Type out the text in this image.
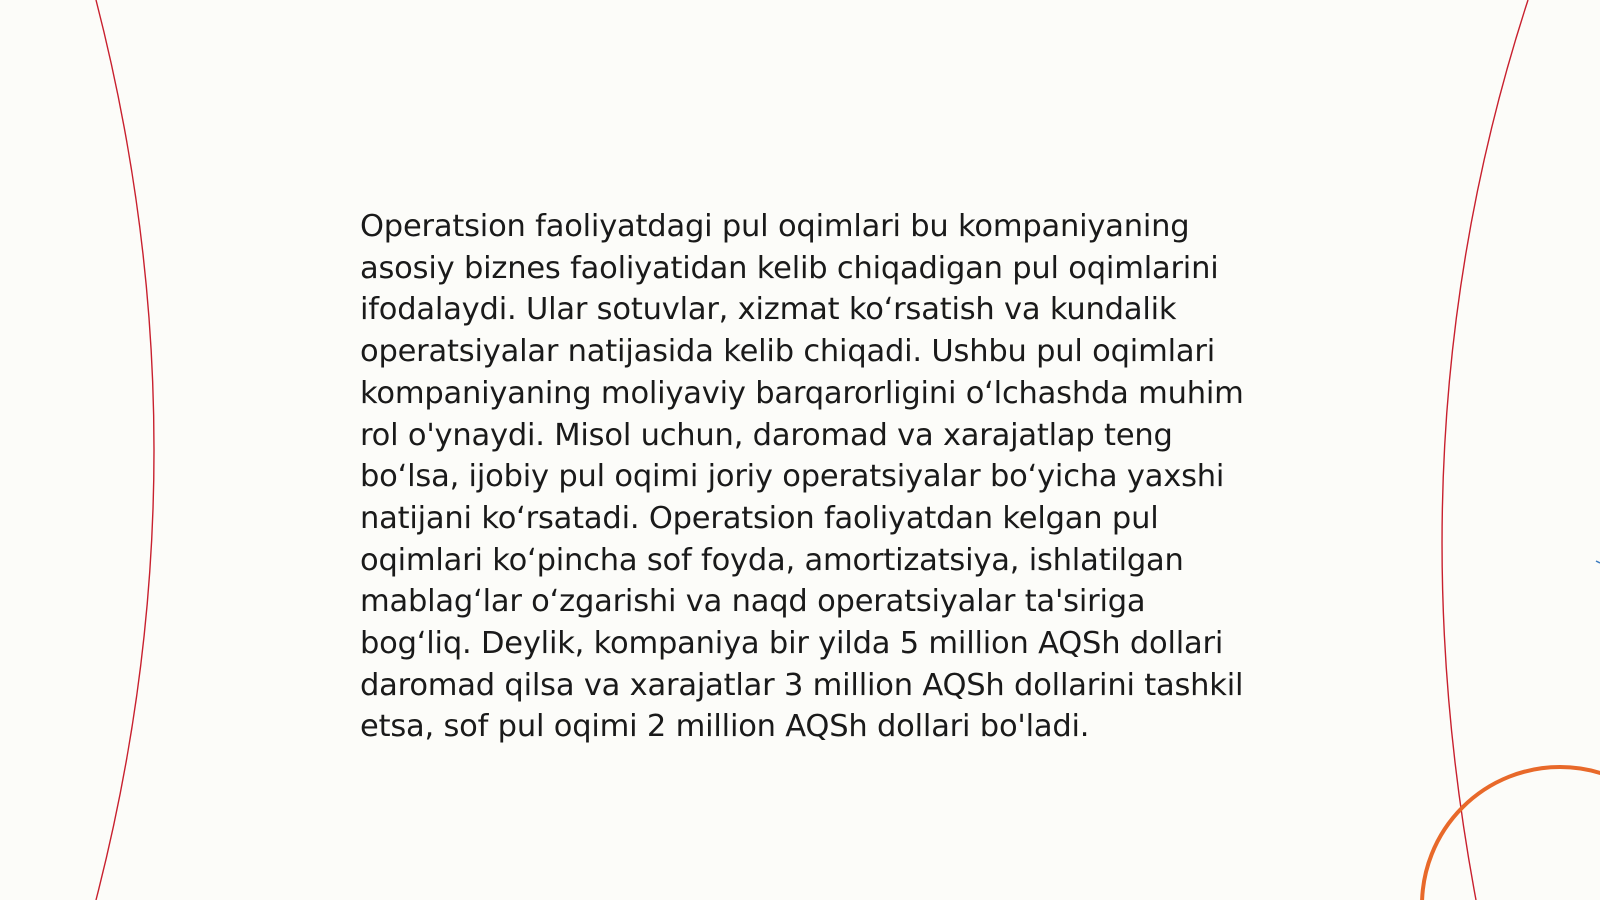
Operatsion faoliyatdagi pul oqimlari bu kompaniyaning asosiy biznes faoliyatidan kelib chiqadigan pul oqimlarini ifodalaydi. Ular sotuvlar, xizmat ko‘rsatish va kundalik operatsiyalar natijasida kelib chiqadi. Ushbu pul oqimlari kompaniyaning moliyaviy barqarorligini o‘lchashda muhim rol o'ynaydi. Misol uchun, daromad va xarajatlap teng bo‘lsa, ijobiy pul oqimi joriy operatsiyalar bo‘yicha yaxshi natijani ko‘rsatadi. Operatsion faoliyatdan kelgan pul oqimlari ko‘pincha sof foyda, amortizatsiya, ishlatilgan mablag‘lar o‘zgarishi va naqd operatsiyalar ta'siriga bog‘liq. Deylik, kompaniya bir yilda 5 million AQSh dollari daromad qilsa va xarajatlar 3 million AQSh dollarini tashkil etsa, sof pul oqimi 2 million AQSh dollari bo'ladi.
